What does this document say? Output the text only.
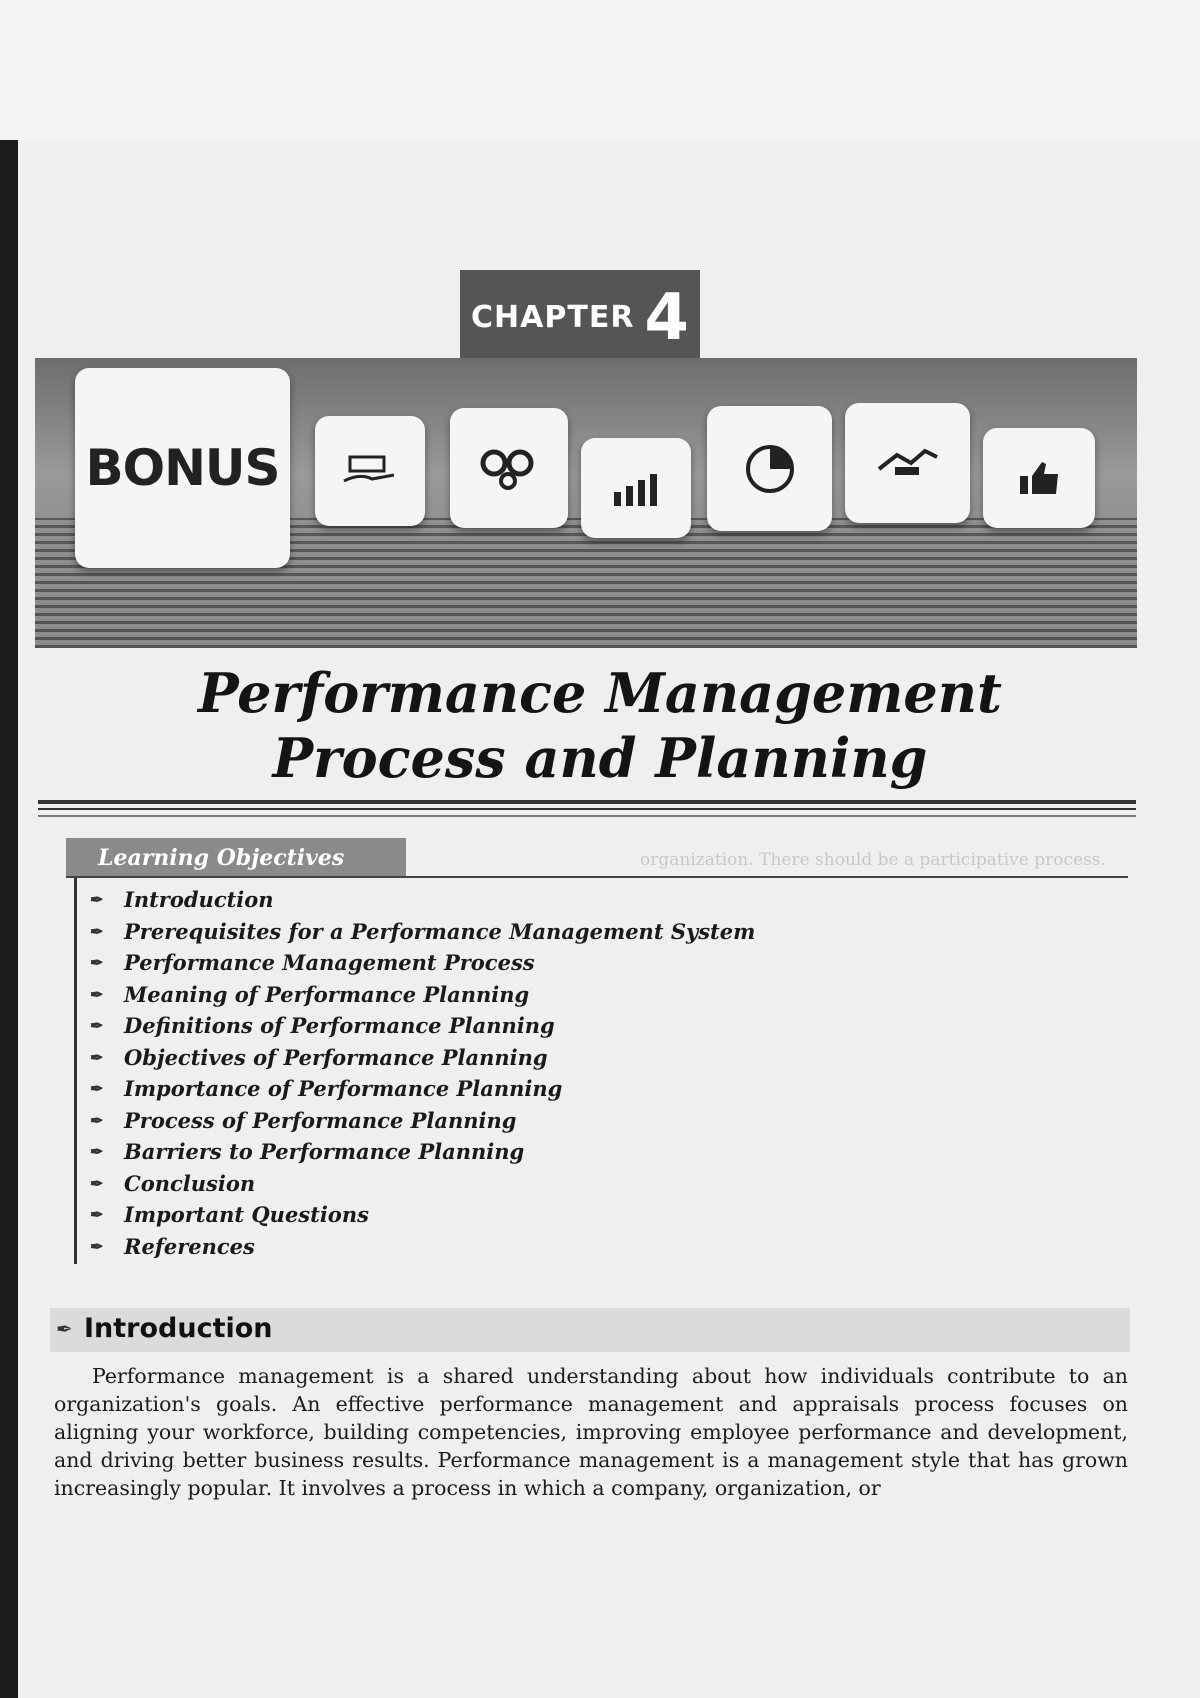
CHAPTER 4
BONUS
Performance Management
Process and Planning
organization. There should be a participative process.
Learning Objectives
✒ Introduction
✒ Prerequisites for a Performance Management System
✒ Performance Management Process
✒ Meaning of Performance Planning
✒ Definitions of Performance Planning
✒ Objectives of Performance Planning
✒ Importance of Performance Planning
✒ Process of Performance Planning
✒ Barriers to Performance Planning
✒ Conclusion
✒ Important Questions
✒ References
✒ Introduction
Performance management is a shared understanding about how individuals contribute to an organization's goals. An effective performance management and appraisals process focuses on aligning your workforce, building competencies, improving employee performance and development, and driving better business results. Performance management is a management style that has grown increasingly popular. It involves a process in which a company, organization, or
